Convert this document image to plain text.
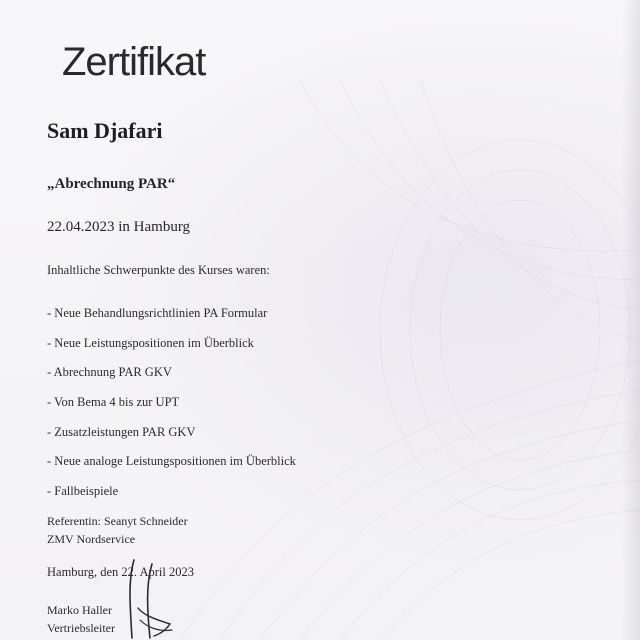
Zertifikat
Sam Djafari
„Abrechnung PAR“
22.04.2023 in Hamburg
Inhaltliche Schwerpunkte des Kurses waren:
- Neue Behandlungsrichtlinien PA Formular
- Neue Leistungspositionen im Überblick
- Abrechnung PAR GKV
- Von Bema 4 bis zur UPT
- Zusatzleistungen PAR GKV
- Neue analoge Leistungspositionen im Überblick
- Fallbeispiele
Referentin: Seanyt Schneider
ZMV Nordservice
Hamburg, den 22. April 2023
Marko Haller
Vertriebsleiter
